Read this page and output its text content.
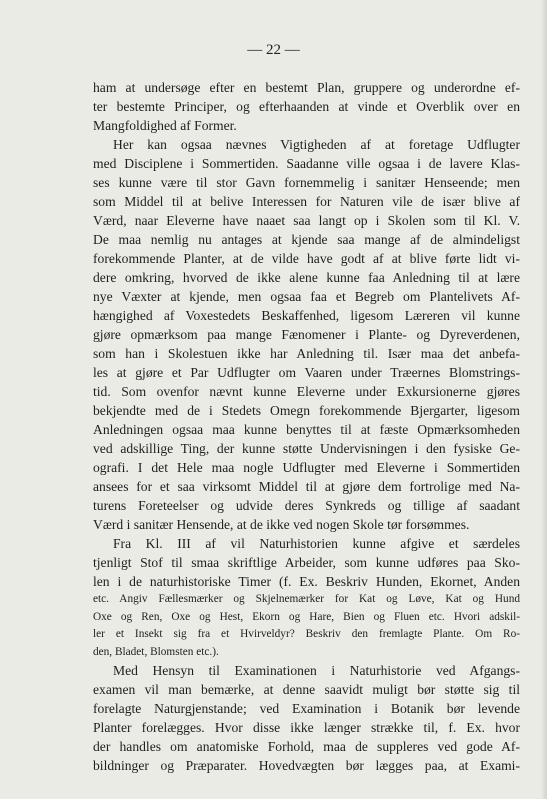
— 22 —
ham at undersøge efter en bestemt Plan, gruppere og underordne ef-
ter bestemte Principer, og efterhaanden at vinde et Overblik over en
Mangfoldighed af Former.
Her kan ogsaa nævnes Vigtigheden af at foretage Udflugter
med Disciplene i Sommertiden. Saadanne ville ogsaa i de lavere Klas-
ses kunne være til stor Gavn fornemmelig i sanitær Henseende; men
som Middel til at belive Interessen for Naturen vile de især blive af
Værd, naar Eleverne have naaet saa langt op i Skolen som til Kl. V.
De maa nemlig nu antages at kjende saa mange af de almindeligst
forekommende Planter, at de vilde have godt af at blive førte lidt vi-
dere omkring, hvorved de ikke alene kunne faa Anledning til at lære
nye Væxter at kjende, men ogsaa faa et Begreb om Plantelivets Af-
hængighed af Voxestedets Beskaffenhed, ligesom Læreren vil kunne
gjøre opmærksom paa mange Fænomener i Plante- og Dyreverdenen,
som han i Skolestuen ikke har Anledning til. Især maa det anbefa-
les at gjøre et Par Udflugter om Vaaren under Træernes Blomstrings-
tid. Som ovenfor nævnt kunne Eleverne under Exkursionerne gjøres
bekjendte med de i Stedets Omegn forekommende Bjergarter, ligesom
Anledningen ogsaa maa kunne benyttes til at fæste Opmærksomheden
ved adskillige Ting, der kunne støtte Undervisningen i den fysiske Ge-
ografi. I det Hele maa nogle Udflugter med Eleverne i Sommertiden
ansees for et saa virksomt Middel til at gjøre dem fortrolige med Na-
turens Foreteelser og udvide deres Synkreds og tillige af saadant
Værd i sanitær Hensende, at de ikke ved nogen Skole tør forsømmes.
Fra Kl. III af vil Naturhistorien kunne afgive et særdeles
tjenligt Stof til smaa skriftlige Arbeider, som kunne udføres paa Sko-
len i de naturhistoriske Timer (f. Ex. Beskriv Hunden, Ekornet, Anden
etc. Angiv Fællesmærker og Skjelnemærker for Kat og Løve, Kat og Hund
Oxe og Ren, Oxe og Hest, Ekorn og Hare, Bien og Fluen etc. Hvori adskil-
ler et Insekt sig fra et Hvirveldyr? Beskriv den fremlagte Plante. Om Ro-
den, Bladet, Blomsten etc.).
Med Hensyn til Examinationen i Naturhistorie ved Afgangs-
examen vil man bemærke, at denne saavidt muligt bør støtte sig til
forelagte Naturgjenstande; ved Examination i Botanik bør levende
Planter forelægges. Hvor disse ikke længer strække til, f. Ex. hvor
der handles om anatomiske Forhold, maa de suppleres ved gode Af-
bildninger og Præparater. Hovedvægten bør lægges paa, at Exami-
